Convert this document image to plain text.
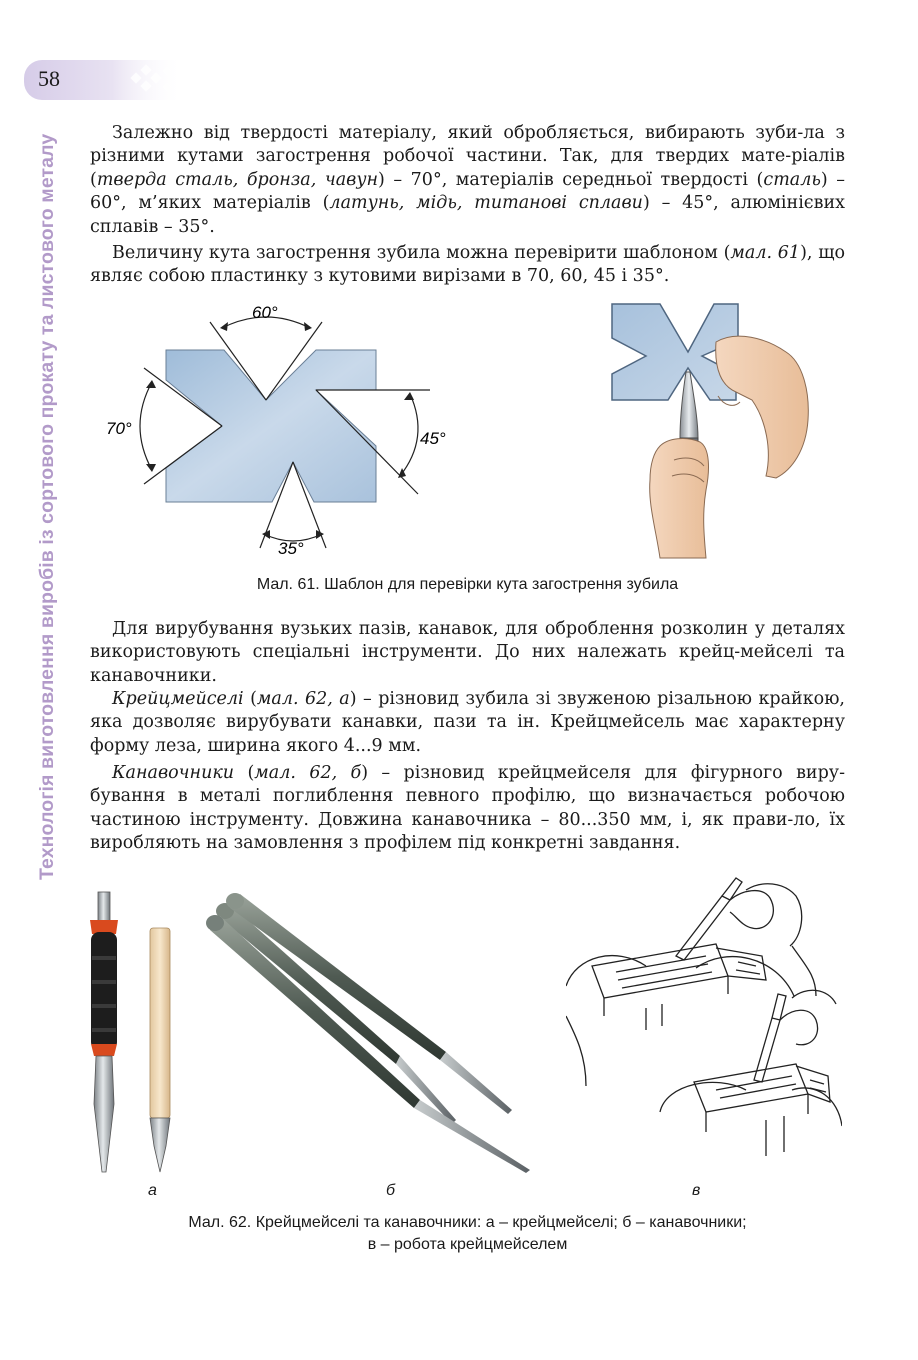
58
Технологія виготовлення виробів із сортового прокату та листового металу

Залежно від твердості матеріалу, який обробляється, вибирають зуби-ла з різними кутами загострення робочої частини. Так, для твердих мате-ріалів (тверда сталь, бронза, чавун) – 70°, матеріалів середньої твердості (сталь) – 60°, м’яких матеріалів (латунь, мідь, титанові сплави) – 45°, алюмінієвих сплавів – 35°.

Величину кута загострення зубила можна перевірити шаблоном (мал. 61), що являє собою пластинку з кутовими вирізами в 70, 60, 45 і 35°.

60°
70°
45°
35°
Мал. 61. Шаблон для перевірки кута загострення зубила

Для вирубування вузьких пазів, канавок, для оброблення розколин у деталях використовують спеціальні інструменти. До них належать крейц-мейселі та канавочники.

Крейцмейселі (мал. 62, а) – різновид зубила зі звуженою різальною крайкою, яка дозволяє вирубувати канавки, пази та ін. Крейцмейсель має характерну форму леза, ширина якого 4...9 мм.

Канавочники (мал. 62, б) – різновид крейцмейселя для фігурного виру-бування в металі поглиблення певного профілю, що визначається робочою частиною інструменту. Довжина канавочника – 80...350 мм, і, як прави-ло, їх виробляють на замовлення з профілем під конкретні завдання.

а	б	в
Мал. 62. Крейцмейселі та канавочники: а – крейцмейселі; б – канавочники;
в – робота крейцмейселем
